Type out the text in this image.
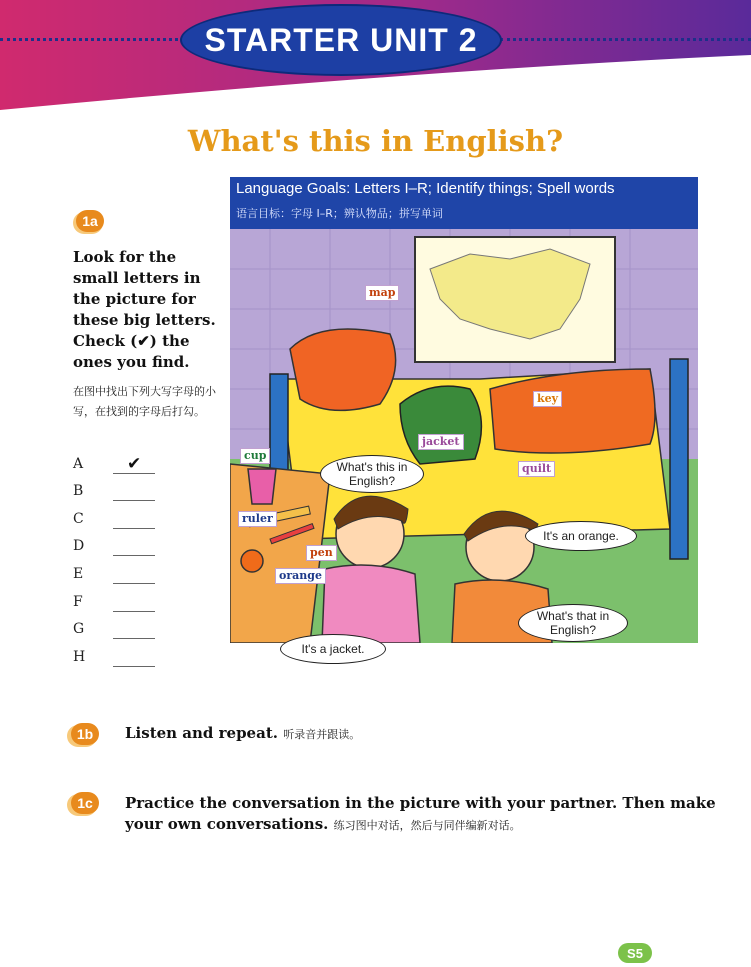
STARTER UNIT 2
What's this in English?
Language Goals: Letters I–R; Identify things; Spell words
语言目标：字母 I–R；辨认物品；拼写单词
1a
Look for the small letters in the picture for these big letters. Check (✔) the ones you find.
在图中找出下列大写字母的小写，在找到的字母后打勾。
A	✔
B
C
D
E
F
G
H
map
key
jacket
quilt
cup
ruler
pen
orange
What's this in English?
It's an orange.
What's that in English?
It's a jacket.
1b	Listen and repeat. 听录音并跟读。
1c	Practice the conversation in the picture with your partner. Then make
your own conversations. 练习图中对话，然后与同伴编新对话。
S5
